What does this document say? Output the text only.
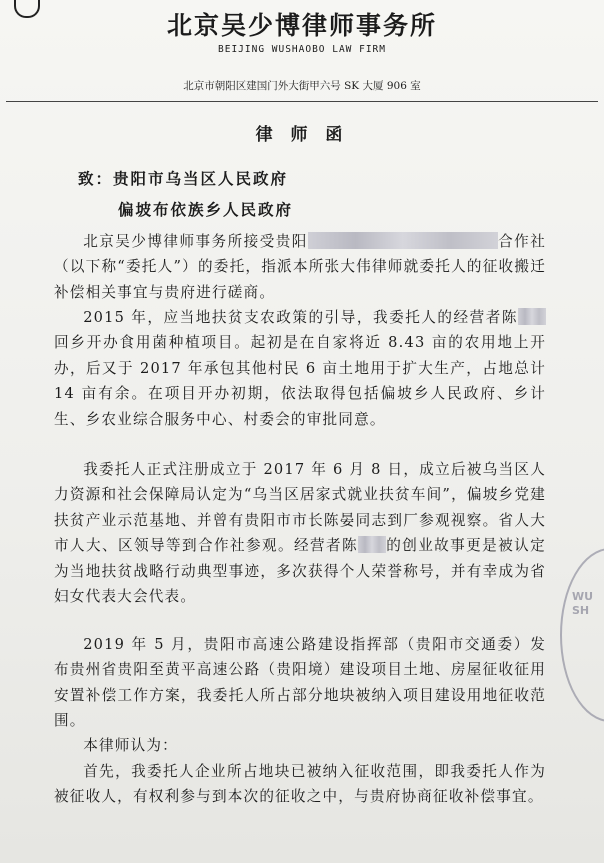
北京吴少博律师事务所
BEIJING WUSHAOBO LAW FIRM
北京市朝阳区建国门外大街甲六号 SK 大厦 906 室
律 师 函
致：贵阳市乌当区人民政府
偏坡布依族乡人民政府

北京吴少博律师事务所接受贵阳	合作社（以下称“委托人”）的委托，指派本所张大伟律师就委托人的征收搬迁补偿相关事宜与贵府进行磋商。

2015 年，应当地扶贫支农政策的引导，我委托人的经营者陈回乡开办食用菌种植项目。起初是在自家将近 8.43 亩的农用地上开办，后又于 2017 年承包其他村民 6 亩土地用于扩大生产，占地总计 14 亩有余。在项目开办初期，依法取得包括偏坡乡人民政府、乡计生、乡农业综合服务中心、村委会的审批同意。

我委托人正式注册成立于 2017 年 6 月 8 日，成立后被乌当区人力资源和社会保障局认定为“乌当区居家式就业扶贫车间”，偏坡乡党建扶贫产业示范基地、并曾有贵阳市市长陈晏同志到厂参观视察。省人大市人大、区领导等到合作社参观。经营者陈 的创业故事更是被认定为当地扶贫战略行动典型事迹，多次获得个人荣誉称号，并有幸成为省妇女代表大会代表。

2019 年 5 月，贵阳市高速公路建设指挥部（贵阳市交通委）发布贵州省贵阳至黄平高速公路（贵阳境）建设项目土地、房屋征收征用安置补偿工作方案，我委托人所占部分地块被纳入项目建设用地征收范围。

本律师认为：

首先，我委托人企业所占地块已被纳入征收范围，即我委托人作为被征收人，有权利参与到本次的征收之中，与贵府协商征收补偿事宜。

WUSH
